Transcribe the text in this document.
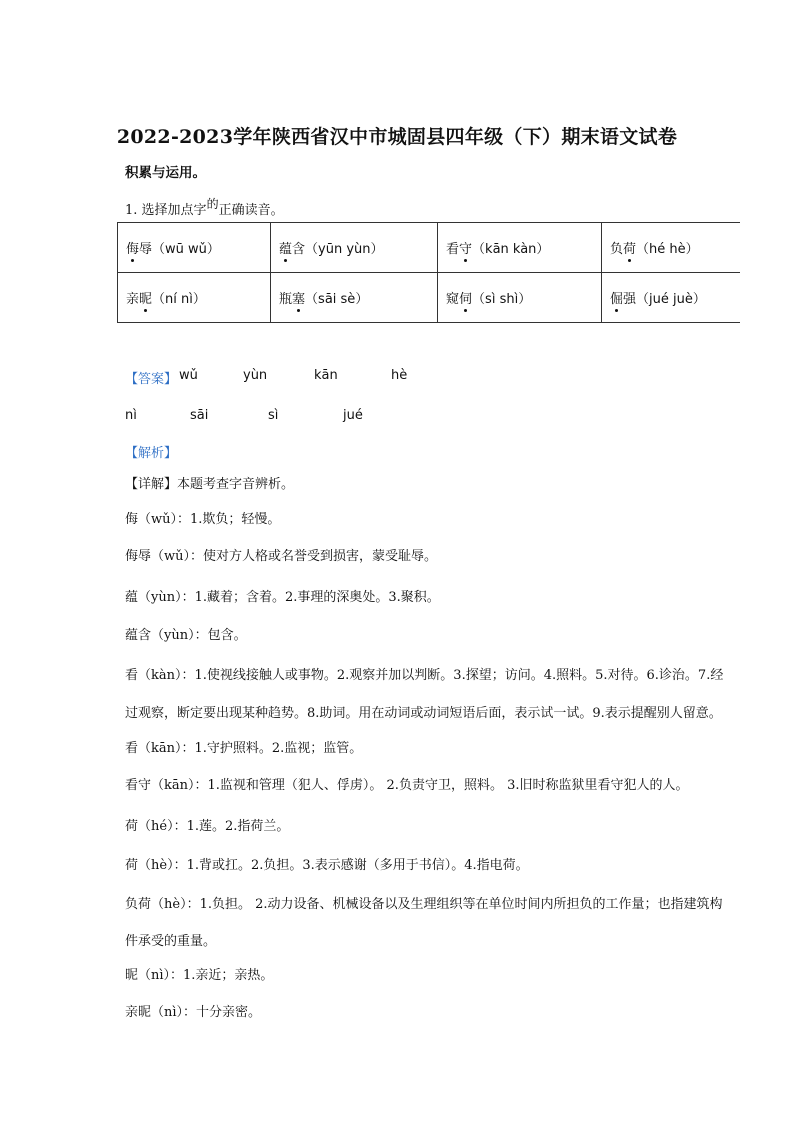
2022-2023学年陕西省汉中市城固县四年级（下）期末语文试卷
积累与运用。
1. 选择加点字的正确读音。
侮辱（wū wǔ）	蕴含（yūn yùn）	看守（kān kàn）	负荷（hé hè）
亲昵（ní nì）	瓶塞（sāi sè）	窥伺（sì shì）	倔强（jué juè）
【答案】 wǔ	yùn	kān	hè
nì	sāi	sì	jué
【解析】
【详解】本题考查字音辨析。
侮（wǔ）：1.欺负；轻慢。
侮辱（wǔ）：使对方人格或名誉受到损害，蒙受耻辱。
蕴（yùn）：1.藏着；含着。2.事理的深奥处。3.聚积。
蕴含（yùn）：包含。
看（kàn）：1.使视线接触人或事物。2.观察并加以判断。3.探望；访问。4.照料。5.对待。6.诊治。7.经
过观察，断定要出现某种趋势。8.助词。用在动词或动词短语后面，表示试一试。9.表示提醒别人留意。
看（kān）：1.守护照料。2.监视；监管。
看守（kān）：1.监视和管理（犯人、俘虏）。 2.负责守卫，照料。 3.旧时称监狱里看守犯人的人。
荷（hé）：1.莲。2.指荷兰。
荷（hè）：1.背或扛。2.负担。3.表示感谢（多用于书信）。4.指电荷。
负荷（hè）：1.负担。 2.动力设备、机械设备以及生理组织等在单位时间内所担负的工作量；也指建筑构
件承受的重量。
昵（nì）：1.亲近；亲热。
亲昵（nì）：十分亲密。
